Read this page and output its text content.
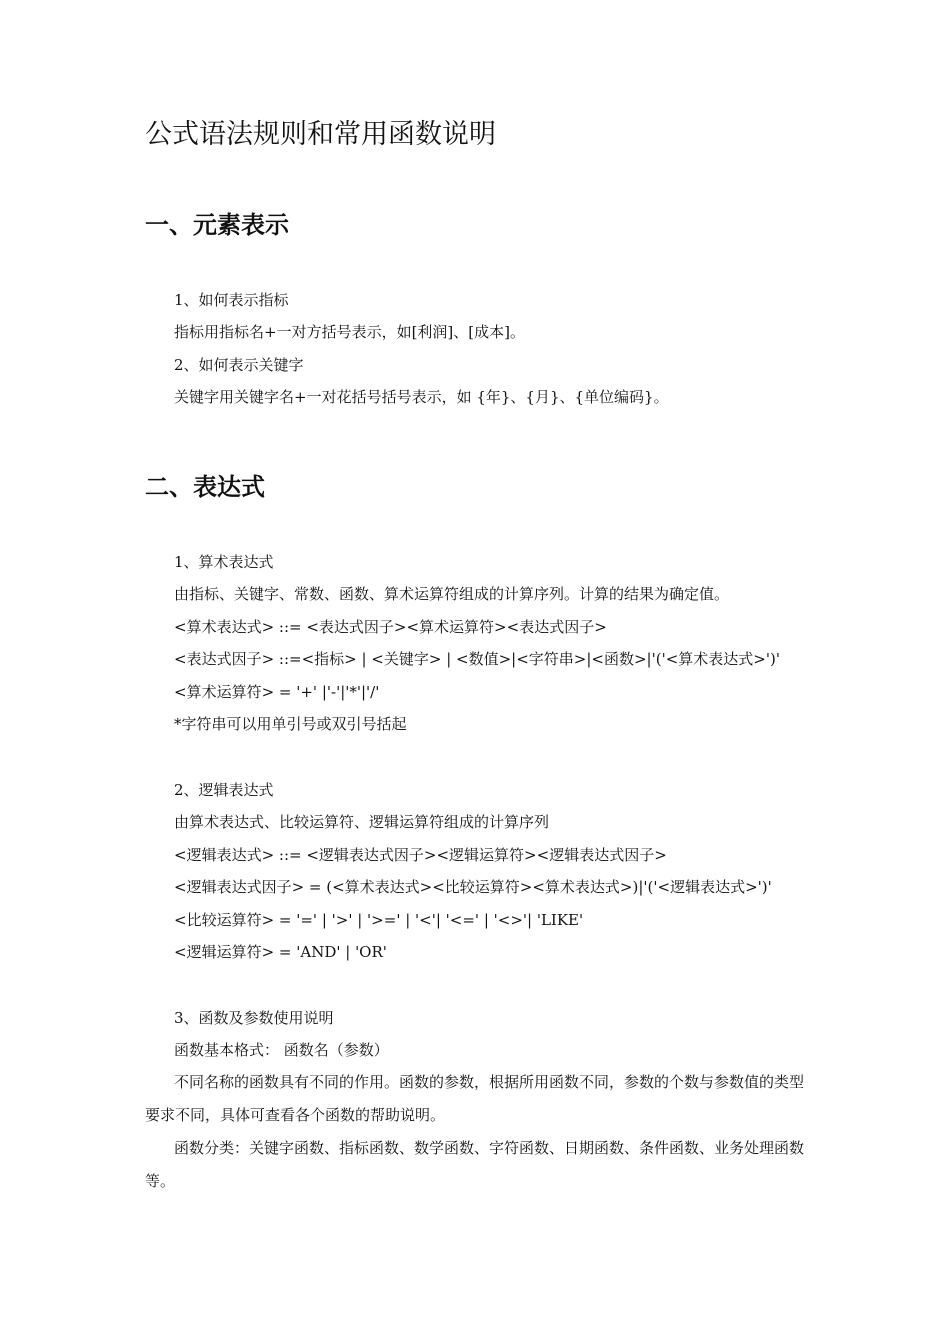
公式语法规则和常用函数说明
一、元素表示

1、如何表示指标

指标用指标名+一对方括号表示，如[利润]、[成本]。

2、如何表示关键字

关键字用关键字名+一对花括号括号表示，如 {年}、{月}、{单位编码}。

二、表达式

1、算术表达式

由指标、关键字、常数、函数、算术运算符组成的计算序列。计算的结果为确定值。

<算术表达式> ::= <表达式因子><算术运算符><表达式因子>

<表达式因子> ::=<指标> | <关键字> | <数值>|<字符串>|<函数>|'('<算术表达式>')'

<算术运算符> = '+' |'-'|'*'|'/'

*字符串可以用单引号或双引号括起

2、逻辑表达式

由算术表达式、比较运算符、逻辑运算符组成的计算序列

<逻辑表达式> ::= <逻辑表达式因子><逻辑运算符><逻辑表达式因子>

<逻辑表达式因子> = (<算术表达式><比较运算符><算术表达式>)|'('<逻辑表达式>')'

<比较运算符> = '=' | '>' | '>=' | '<'| '<=' | '<>'| 'LIKE'

<逻辑运算符> = 'AND' | 'OR'

3、函数及参数使用说明

函数基本格式： 函数名（参数）

不同名称的函数具有不同的作用。函数的参数，根据所用函数不同，参数的个数与参数值的类型要求不同，具体可查看各个函数的帮助说明。

函数分类：关键字函数、指标函数、数学函数、字符函数、日期函数、条件函数、业务处理函数等。
